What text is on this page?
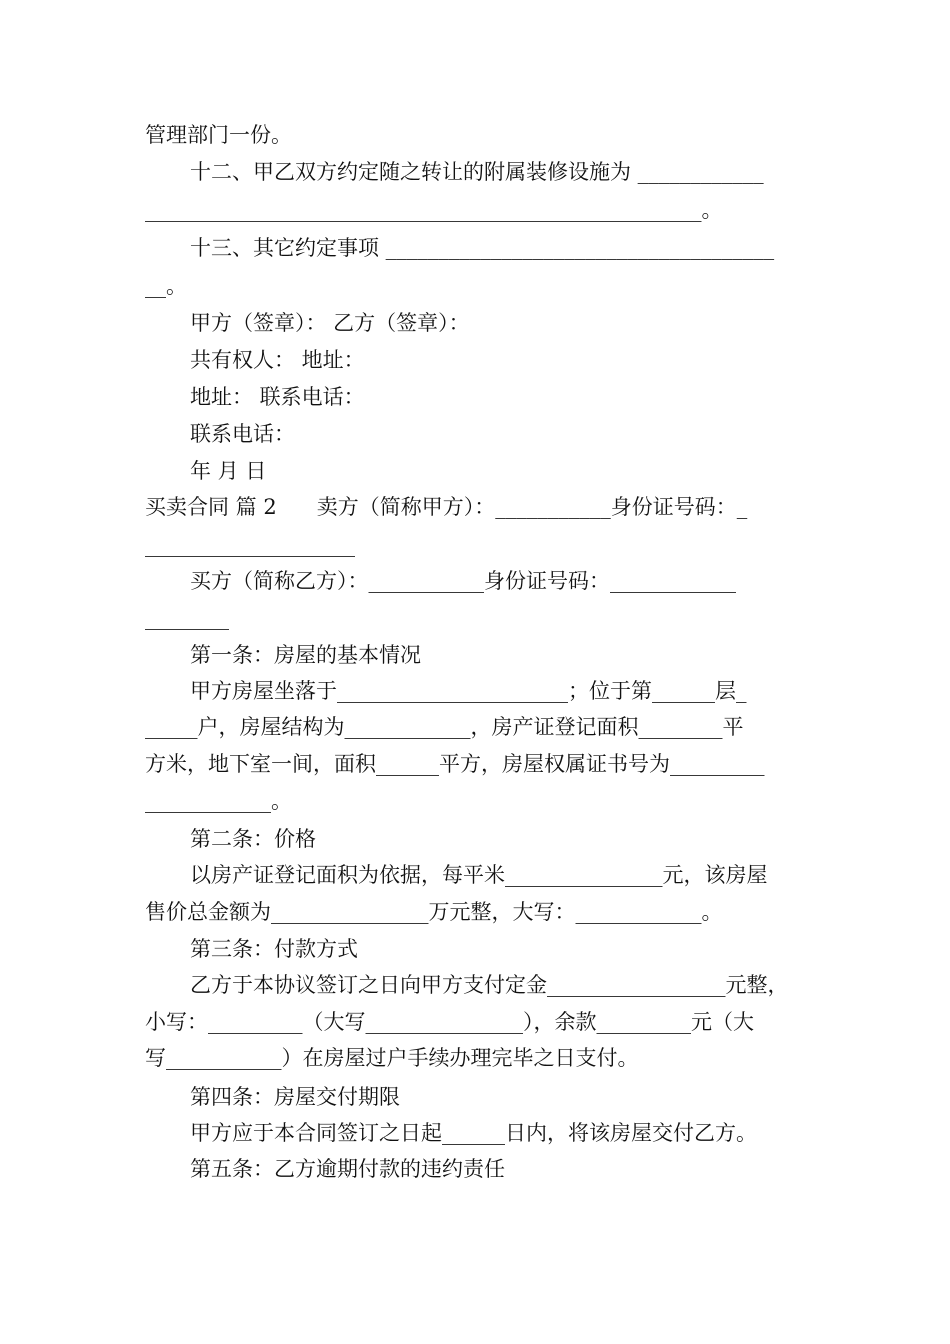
管理部门一份。
十二、甲乙双方约定随之转让的附属装修设施为 ____________
_____________________________________________________。
十三、其它约定事项 _____________________________________
__。
甲方（签章）： 乙方（签章）：
共有权人： 地址：
地址： 联系电话：
联系电话：
年 月 日
买卖合同 篇 2      卖方（简称甲方）：___________身份证号码：_
____________________
买方（简称乙方）：___________身份证号码：____________
________
第一条：房屋的基本情况
甲方房屋坐落于______________________；位于第______层_
_____户，房屋结构为____________，房产证登记面积________平
方米，地下室一间，面积______平方，房屋权属证书号为_________
____________。
第二条：价格
以房产证登记面积为依据，每平米_______________元，该房屋
售价总金额为_______________万元整，大写：____________。
第三条：付款方式
乙方于本协议签订之日向甲方支付定金_________________元整，
小写：_________（大写_______________），余款_________元（大
写___________）在房屋过户手续办理完毕之日支付。
第四条：房屋交付期限
甲方应于本合同签订之日起______日内，将该房屋交付乙方。
第五条：乙方逾期付款的违约责任
